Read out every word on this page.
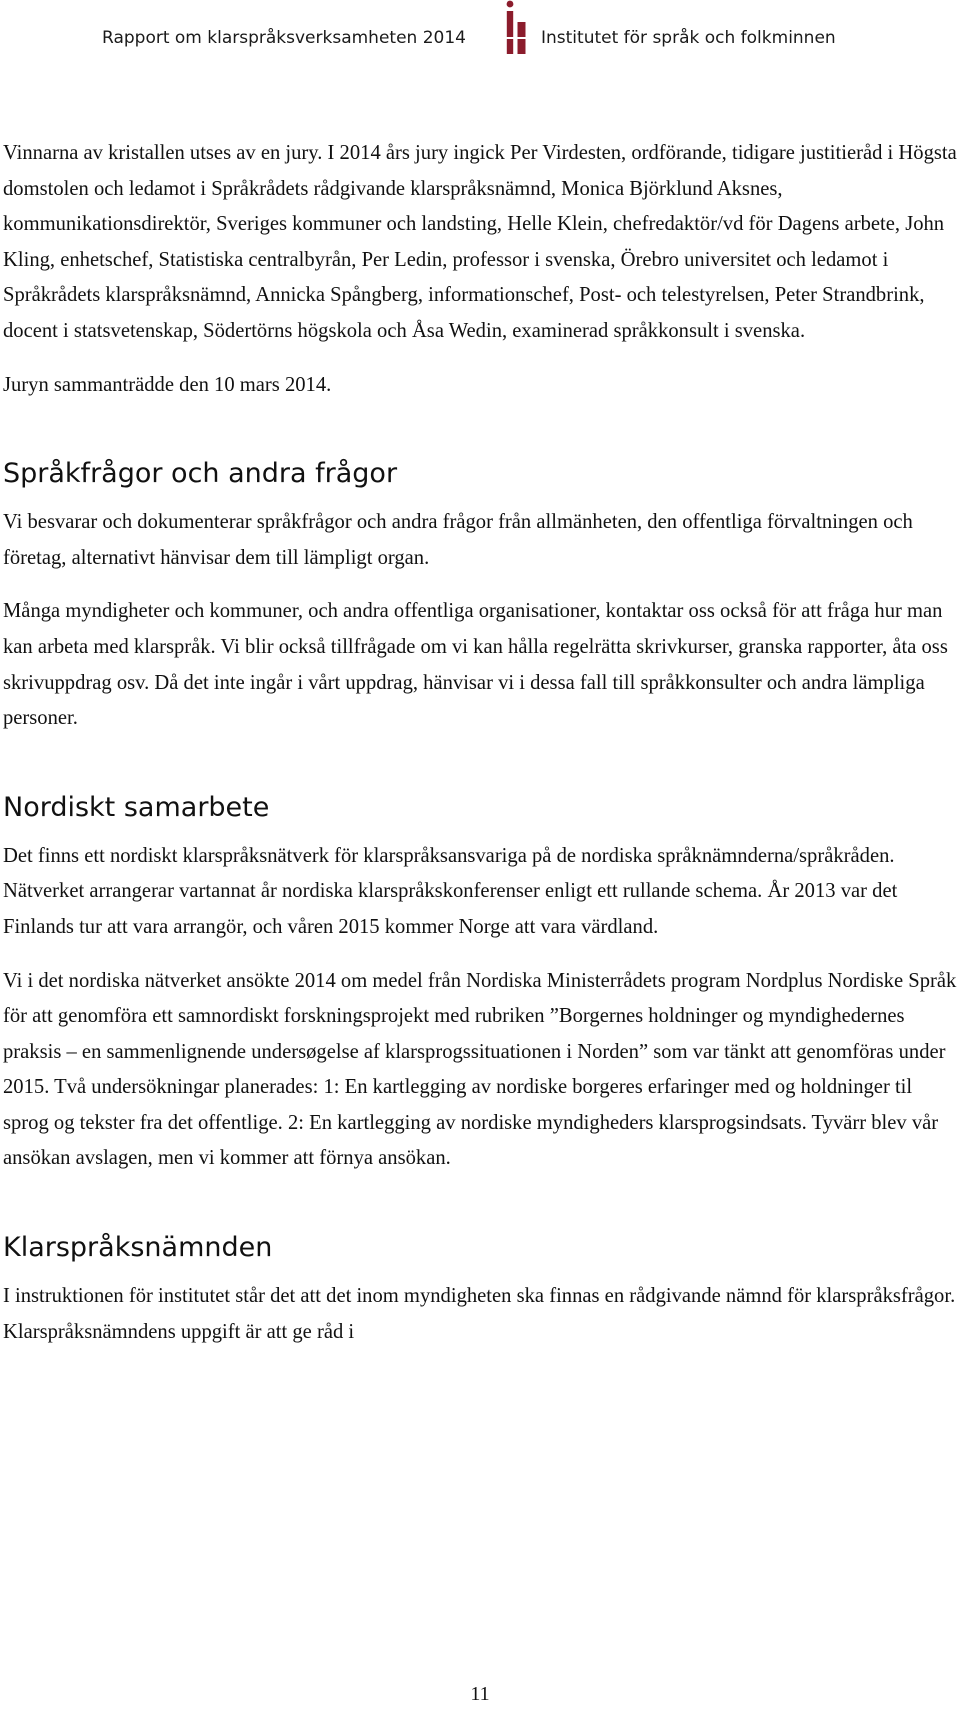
Rapport om klarspråksverksamheten 2014	Institutet för språk och folkminnen

Vinnarna av kristallen utses av en jury. I 2014 års jury ingick Per Virdesten, ordförande, tidigare justitieråd i Högsta domstolen och ledamot i Språkrådets rådgivande klarspråksnämnd, Monica Björklund Aksnes, kommunikationsdirektör, Sveriges kommuner och landsting, Helle Klein, chefredaktör/vd för Dagens arbete, John Kling, enhetschef, Statistiska centralbyrån, Per Ledin, professor i svenska, Örebro universitet och ledamot i Språkrådets klarspråksnämnd, Annicka Spångberg, informationschef, Post- och telestyrelsen, Peter Strandbrink, docent i statsvetenskap, Södertörns högskola och Åsa Wedin, examinerad språkkonsult i svenska.

Juryn sammanträdde den 10 mars 2014.

Språkfrågor och andra frågor

Vi besvarar och dokumenterar språkfrågor och andra frågor från allmänheten, den offentliga förvaltningen och företag, alternativt hänvisar dem till lämpligt organ.

Många myndigheter och kommuner, och andra offentliga organisationer, kontaktar oss också för att fråga hur man kan arbeta med klarspråk. Vi blir också tillfrågade om vi kan hålla regelrätta skrivkurser, granska rapporter, åta oss skrivuppdrag osv. Då det inte ingår i vårt uppdrag, hänvisar vi i dessa fall till språkkonsulter och andra lämpliga personer.

Nordiskt samarbete

Det finns ett nordiskt klarspråksnätverk för klarspråksansvariga på de nordiska språknämnderna/språkråden. Nätverket arrangerar vartannat år nordiska klarspråkskonferenser enligt ett rullande schema. År 2013 var det Finlands tur att vara arrangör, och våren 2015 kommer Norge att vara värdland.

Vi i det nordiska nätverket ansökte 2014 om medel från Nordiska Ministerrådets program Nordplus Nordiske Språk för att genomföra ett samnordiskt forskningsprojekt med rubriken ”Borgernes holdninger og myndighedernes praksis – en sammenlignende undersøgelse af klarsprogssituationen i Norden” som var tänkt att genomföras under 2015. Två undersökningar planerades: 1: En kartlegging av nordiske borgeres erfaringer med og holdninger til sprog og tekster fra det offentlige. 2: En kartlegging av nordiske myndigheders klarsprogsindsats. Tyvärr blev vår ansökan avslagen, men vi kommer att förnya ansökan.

Klarspråksnämnden

I instruktionen för institutet står det att det inom myndigheten ska finnas en rådgivande nämnd för klarspråksfrågor. Klarspråksnämndens uppgift är att ge råd i

11
